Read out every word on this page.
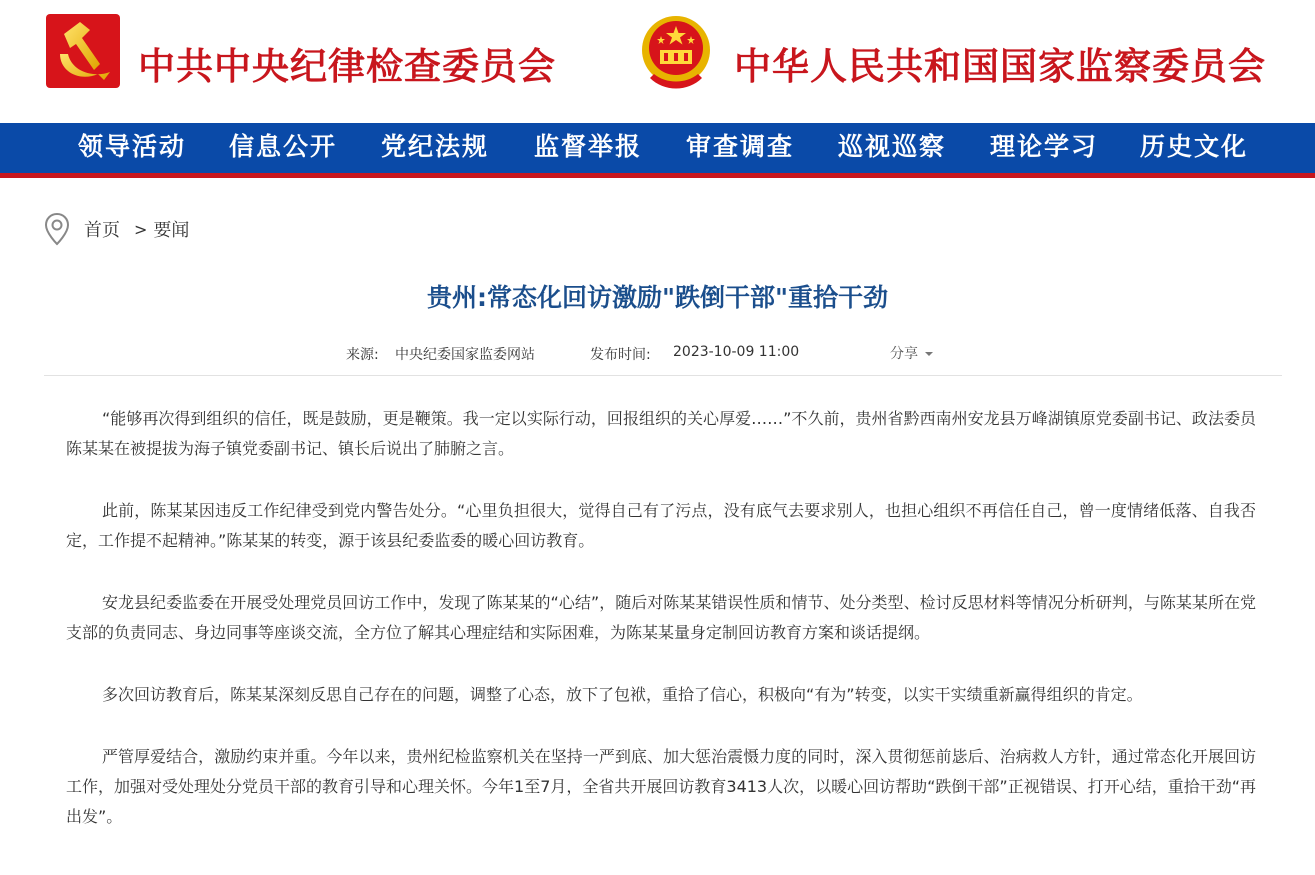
中共中央纪律检查委员会	中华人民共和国国家监察委员会
领导活动 信息公开 党纪法规 监督举报 审查调查 巡视巡察 理论学习 历史文化
首页 > 要闻
贵州:常态化回访激励"跌倒干部"重拾干劲
来源: 中央纪委国家监委网站	发布时间: 2023-10-09 11:00	分享

“能够再次得到组织的信任，既是鼓励，更是鞭策。我一定以实际行动，回报组织的关心厚爱……”不久前，贵州省黔西南州安龙县万峰湖镇原党委副书记、政法委员陈某某在被提拔为海子镇党委副书记、镇长后说出了肺腑之言。

此前，陈某某因违反工作纪律受到党内警告处分。“心里负担很大，觉得自己有了污点，没有底气去要求别人，也担心组织不再信任自己，曾一度情绪低落、自我否定，工作提不起精神。”陈某某的转变，源于该县纪委监委的暖心回访教育。

安龙县纪委监委在开展受处理党员回访工作中，发现了陈某某的“心结”，随后对陈某某错误性质和情节、处分类型、检讨反思材料等情况分析研判，与陈某某所在党支部的负责同志、身边同事等座谈交流，全方位了解其心理症结和实际困难，为陈某某量身定制回访教育方案和谈话提纲。

多次回访教育后，陈某某深刻反思自己存在的问题，调整了心态，放下了包袱，重拾了信心，积极向“有为”转变，以实干实绩重新赢得组织的肯定。

严管厚爱结合，激励约束并重。今年以来，贵州纪检监察机关在坚持一严到底、加大惩治震慑力度的同时，深入贯彻惩前毖后、治病救人方针，通过常态化开展回访工作，加强对受处理处分党员干部的教育引导和心理关怀。今年1至7月，全省共开展回访教育3413人次，以暖心回访帮助“跌倒干部”正视错误、打开心结，重拾干劲“再出发”。
